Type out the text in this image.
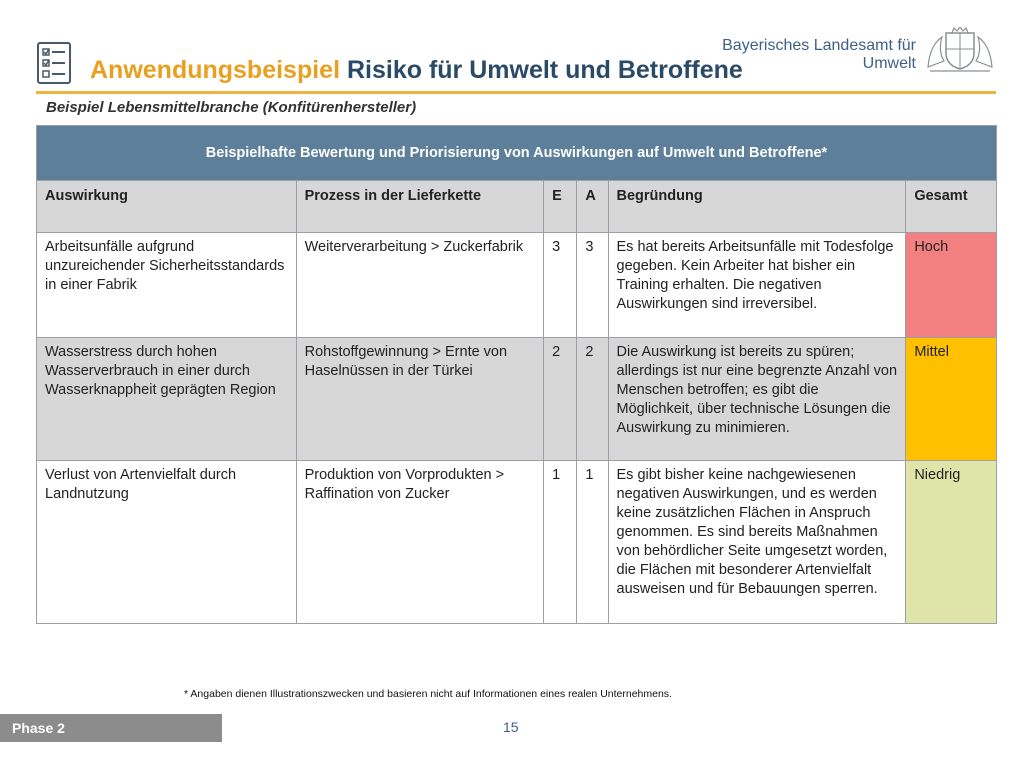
Anwendungsbeispiel Risiko für Umwelt und Betroffene
Bayerisches Landesamt für
Umwelt
Beispiel Lebensmittelbranche (Konfitürenhersteller)
Beispielhafte Bewertung und Priorisierung von Auswirkungen auf Umwelt und Betroffene*					
Auswirkung	Prozess in der Lieferkette	E	A	Begründung	Gesamt
Arbeitsunfälle aufgrund unzureichender Sicherheitsstandards in einer Fabrik	Weiterverarbeitung > Zuckerfabrik	3	3	Es hat bereits Arbeitsunfälle mit Todesfolge gegeben. Kein Arbeiter hat bisher ein Training erhalten. Die negativen Auswirkungen sind irreversibel.	Hoch
Wasserstress durch hohen Wasserverbrauch in einer durch Wasserknappheit geprägten Region	Rohstoffgewinnung > Ernte von Haselnüssen in der Türkei	2	2	Die Auswirkung ist bereits zu spüren; allerdings ist nur eine begrenzte Anzahl von Menschen betroffen; es gibt die Möglichkeit, über technische Lösungen die Auswirkung zu minimieren.	Mittel
Verlust von Artenvielfalt durch Landnutzung	Produktion von Vorprodukten > Raffination von Zucker	1	1	Es gibt bisher keine nachgewiesenen negativen Auswirkungen, und es werden keine zusätzlichen Flächen in Anspruch genommen. Es sind bereits Maßnahmen von behördlicher Seite umgesetzt worden, die Flächen mit besonderer Artenvielfalt ausweisen und für Bebauungen sperren.	Niedrig
* Angaben dienen Illustrationszwecken und basieren nicht auf Informationen eines realen Unternehmens.
Phase 2	15
